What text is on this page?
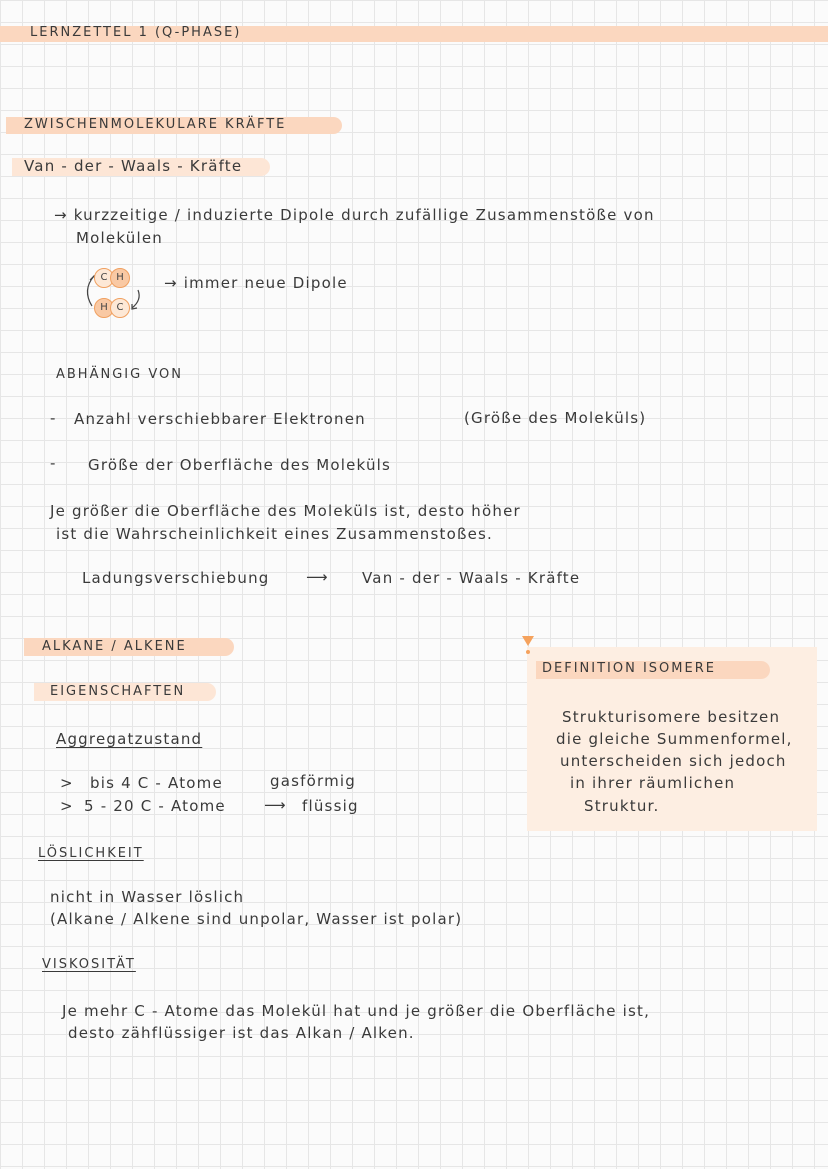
LERNZETTEL 1 (Q-PHASE)
ZWISCHENMOLEKULARE KRÄFTE
Van - der - Waals - Kräfte
→ kurzzeitige / induzierte Dipole durch zufällige Zusammenstöße von
Molekülen
C H
H C
→ immer neue Dipole
ABHÄNGIG VON
- Anzahl verschiebbarer Elektronen	(Größe des Moleküls)
- Größe der Oberfläche des Moleküls
Je größer die Oberfläche des Moleküls ist, desto höher
ist die Wahrscheinlichkeit eines Zusammenstoßes.
Ladungsverschiebung ⟶ Van - der - Waals - Kräfte
ALKANE / ALKENE
EIGENSCHAFTEN
Aggregatzustand
> bis 4 C - Atome	gasförmig
> 5 - 20 C - Atome	⟶ flüssig
DEFINITION ISOMERE
Strukturisomere besitzen
die gleiche Summenformel,
unterscheiden sich jedoch
in ihrer räumlichen
Struktur.
LÖSLICHKEIT
nicht in Wasser löslich
(Alkane / Alkene sind unpolar, Wasser ist polar)
VISKOSITÄT
Je mehr C - Atome das Molekül hat und je größer die Oberfläche ist,
desto zähflüssiger ist das Alkan / Alken.
